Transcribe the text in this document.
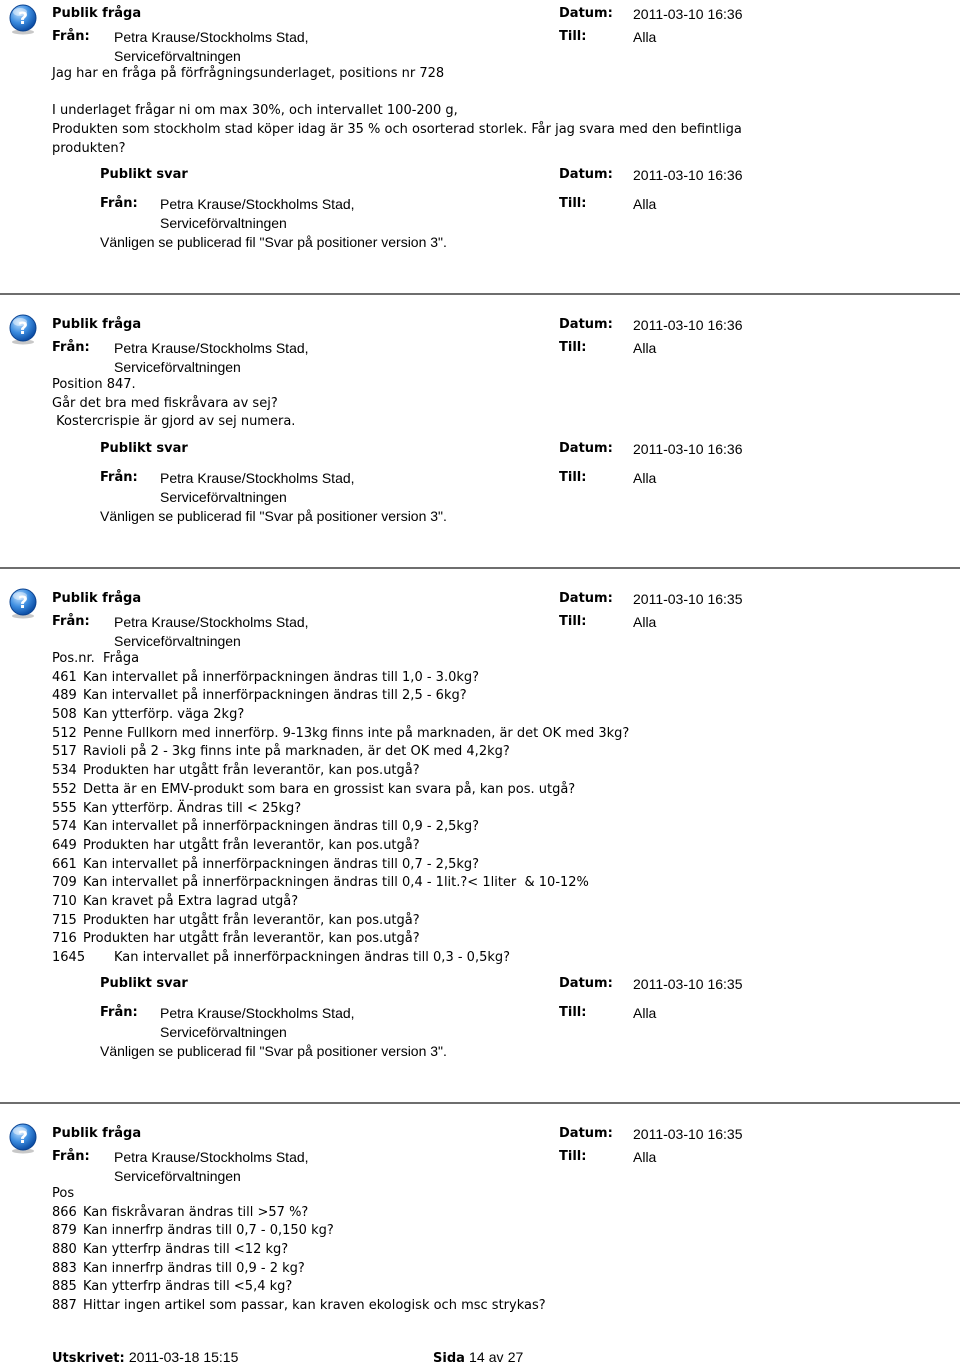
Publik fråga	Datum: 2011-03-10 16:36
Från: Petra Krause/Stockholms Stad,
Serviceförvaltningen
Till:	Alla
Jag har en fråga på förfrågningsunderlaget, positions nr 728
I underlaget frågar ni om max 30%, och intervallet 100-200 g,
Produkten som stockholm stad köper idag är 35 % och osorterad storlek. Får jag svara med den befintliga
produkten?
Publikt svar	Datum: 2011-03-10 16:36
Från: Petra Krause/Stockholms Stad,
Serviceförvaltningen
Till:	Alla
Vänligen se publicerad fil "Svar på positioner version 3".
Publik fråga	Datum: 2011-03-10 16:36
Från: Petra Krause/Stockholms Stad,
Serviceförvaltningen
Till:	Alla
Position 847.
Går det bra med fiskråvara av sej?
Kostercrispie är gjord av sej numera.
Publikt svar	Datum: 2011-03-10 16:36
Från: Petra Krause/Stockholms Stad,
Serviceförvaltningen
Till:	Alla
Vänligen se publicerad fil "Svar på positioner version 3".
Publik fråga	Datum: 2011-03-10 16:35
Från: Petra Krause/Stockholms Stad,
Serviceförvaltningen
Till:	Alla
Pos.nr. Fråga
461 Kan intervallet på innerförpackningen ändras till 1,0 - 3.0kg?
489 Kan intervallet på innerförpackningen ändras till 2,5 - 6kg?
508 Kan ytterförp. väga 2kg?
512 Penne Fullkorn med innerförp. 9-13kg finns inte på marknaden, är det OK med 3kg?
517 Ravioli på 2 - 3kg finns inte på marknaden, är det OK med 4,2kg?
534 Produkten har utgått från leverantör, kan pos.utgå?
552 Detta är en EMV-produkt som bara en grossist kan svara på, kan pos. utgå?
555 Kan ytterförp. Ändras till < 25kg?
574 Kan intervallet på innerförpackningen ändras till 0,9 - 2,5kg?
649 Produkten har utgått från leverantör, kan pos.utgå?
661 Kan intervallet på innerförpackningen ändras till 0,7 - 2,5kg?
709 Kan intervallet på innerförpackningen ändras till 0,4 - 1lit.?< 1liter  & 10-12%
710 Kan kravet på Extra lagrad utgå?
715 Produkten har utgått från leverantör, kan pos.utgå?
716 Produkten har utgått från leverantör, kan pos.utgå?
1645 Kan intervallet på innerförpackningen ändras till 0,3 - 0,5kg?
Publikt svar	Datum: 2011-03-10 16:35
Från: Petra Krause/Stockholms Stad,
Serviceförvaltningen
Till:	Alla
Vänligen se publicerad fil "Svar på positioner version 3".
Publik fråga	Datum: 2011-03-10 16:35
Från: Petra Krause/Stockholms Stad,
Serviceförvaltningen
Till:	Alla
Pos
866 Kan fiskråvaran ändras till >57 %?
879 Kan innerfrp ändras till 0,7 - 0,150 kg?
880 Kan ytterfrp ändras till <12 kg?
883 Kan innerfrp ändras till 0,9 - 2 kg?
885 Kan ytterfrp ändras till <5,4 kg?
887 Hittar ingen artikel som passar, kan kraven ekologisk och msc strykas?
Utskrivet: 2011-03-18 15:15	Sida 14 av 27
